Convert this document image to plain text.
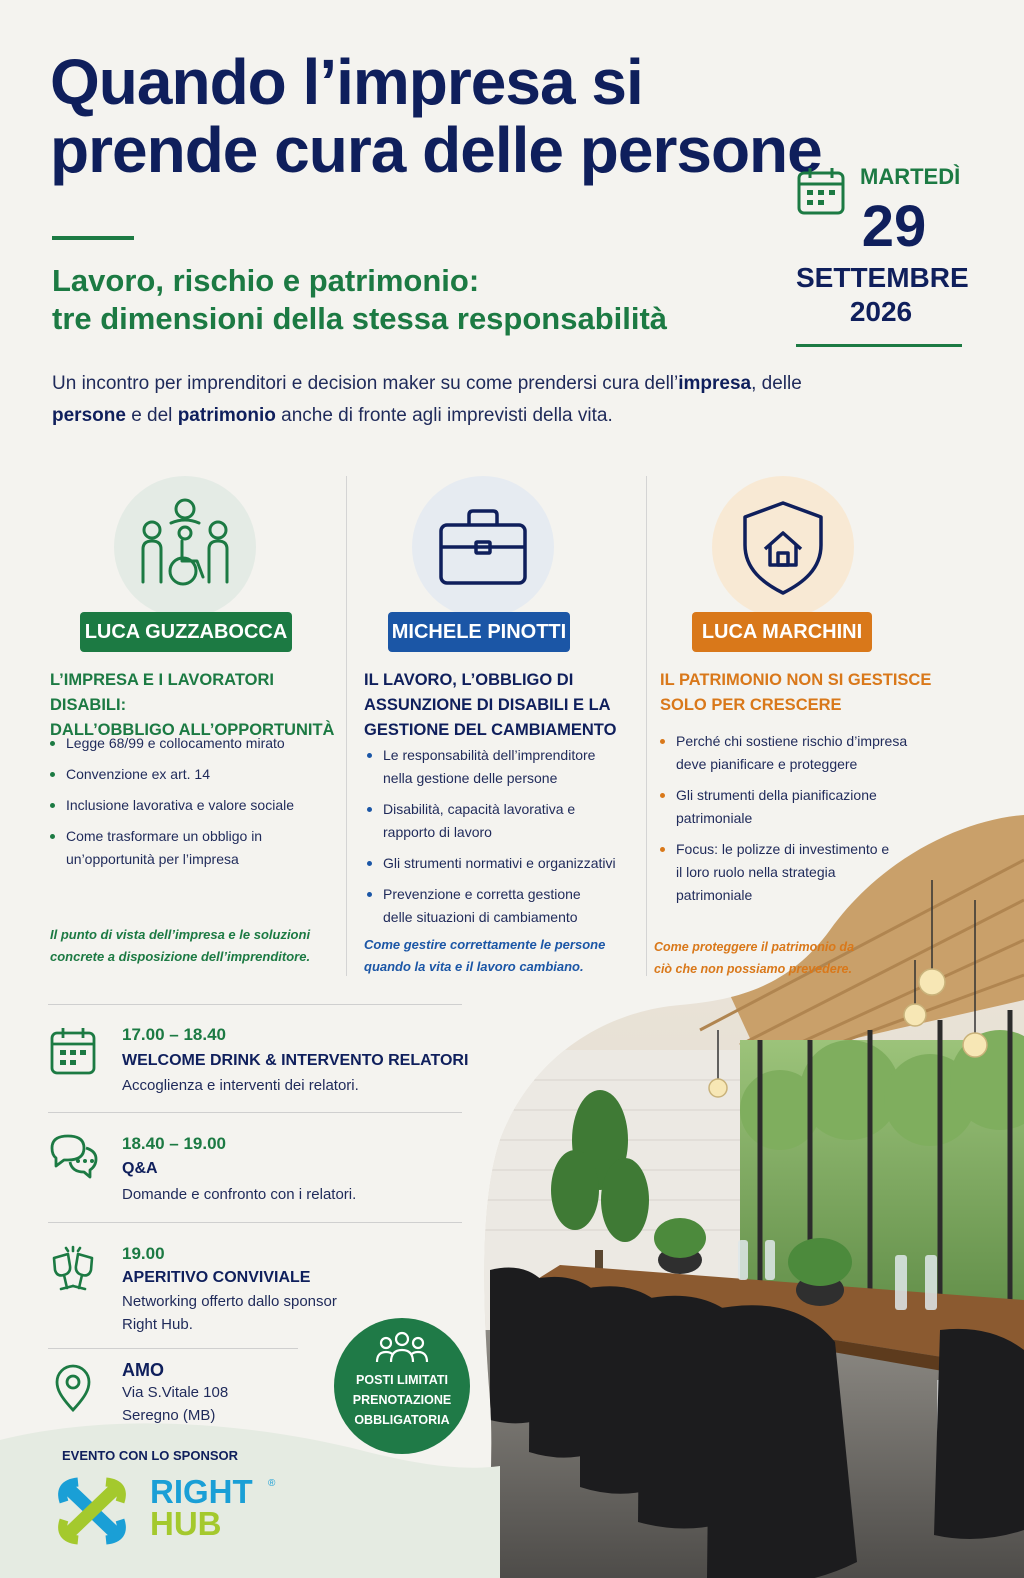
Quando l’impresa si prende cura delle persone
Lavoro, rischio e patrimonio:
tre dimensioni della stessa responsabilità
Un incontro per imprenditori e decision maker su come prendersi cura dell’impresa, delle persone e del patrimonio anche di fronte agli imprevisti della vita.
MARTEDÌ
29
SETTEMBRE
2026
LUCA GUZZABOCCA
L’IMPRESA E I LAVORATORI DISABILI:
DALL’OBBLIGO ALL’OPPORTUNITÀ
Legge 68/99 e collocamento mirato
Convenzione ex art. 14
Inclusione lavorativa e valore sociale
Come trasformare un obbligo in un’opportunità per l’impresa
Il punto di vista dell’impresa e le soluzioni concrete a disposizione dell’imprenditore.
MICHELE PINOTTI
IL LAVORO, L’OBBLIGO DI
ASSUNZIONE DI DISABILI E LA
GESTIONE DEL CAMBIAMENTO
Le responsabilità dell’imprenditore nella gestione delle persone
Disabilità, capacità lavorativa e rapporto di lavoro
Gli strumenti normativi e organizzativi
Prevenzione e corretta gestione delle situazioni di cambiamento
Come gestire correttamente le persone quando la vita e il lavoro cambiano.
LUCA MARCHINI
IL PATRIMONIO NON SI GESTISCE
SOLO PER CRESCERE
Perché chi sostiene rischio d’impresa deve pianificare e proteggere
Gli strumenti della pianificazione patrimoniale
Focus: le polizze di investimento e il loro ruolo nella strategia patrimoniale
Come proteggere il patrimonio da ciò che non possiamo prevedere.
17.00 – 18.40
WELCOME DRINK & INTERVENTO RELATORI
Accoglienza e interventi dei relatori.
18.40 – 19.00
Q&A
Domande e confronto con i relatori.
19.00
APERITIVO CONVIVIALE
Networking offerto dallo sponsor
Right Hub.
AMO
Via S.Vitale 108
Seregno (MB)
POSTI LIMITATI
PRENOTAZIONE
OBBLIGATORIA
EVENTO CON LO SPONSOR
RIGHT
HUB
®
